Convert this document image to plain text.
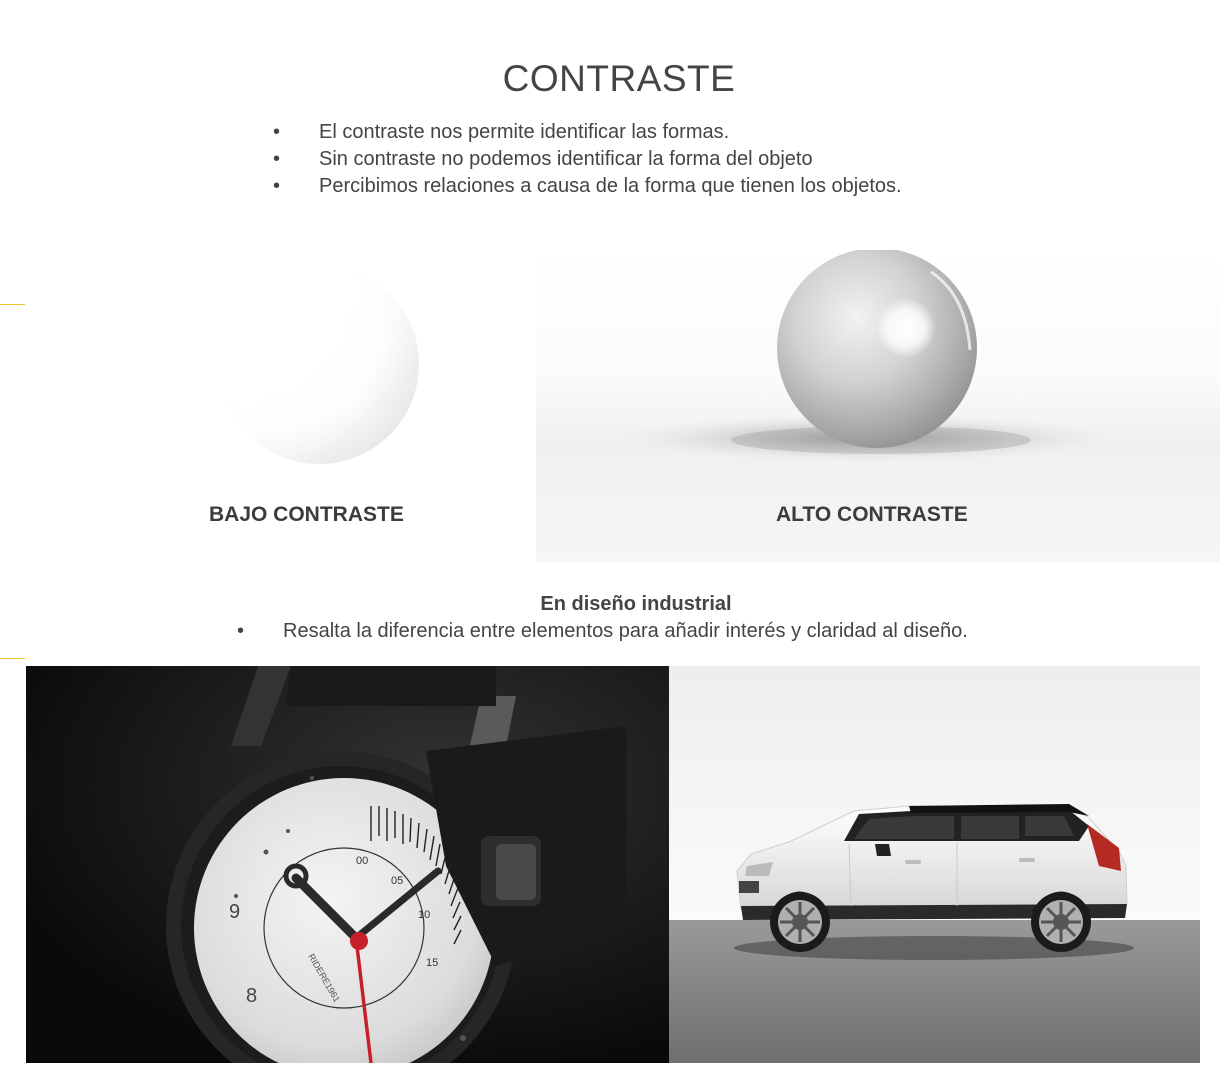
CONTRASTE
• El contraste nos permite identificar las formas.
• Sin contraste no podemos identificar la forma del objeto
• Percibimos relaciones a causa de la forma que tienen los objetos.
BAJO CONTRASTE	ALTO CONTRASTE
En diseño industrial
• Resalta la diferencia entre elementos para añadir interés y claridad al diseño.
00
05
10
15
9
8	RIDERE1961
